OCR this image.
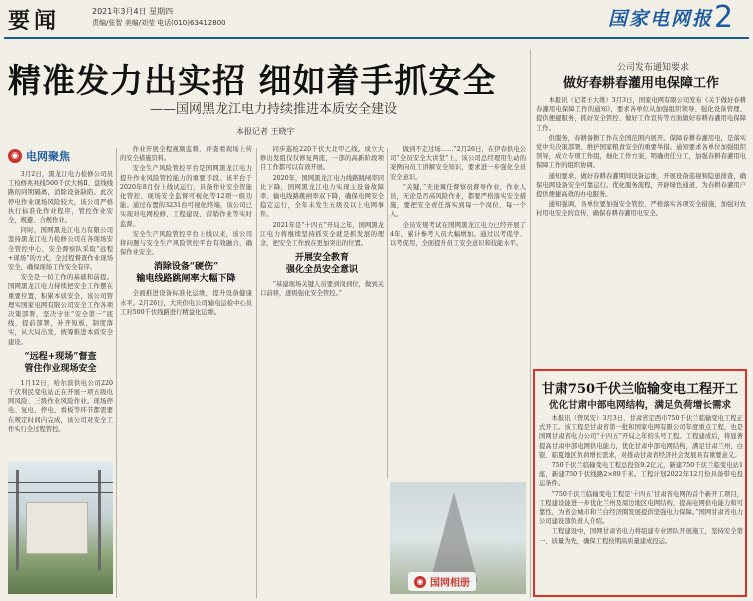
要闻	2021年3月4日 星期四
责编/张智 美编/刘莹 电话(010)63412800	国家电网报 2
精准发力出实招 细如着手抓安全
——国网黑龙江电力持续推进本质安全建设
本报记者 王晓宇
◉ 电网聚焦

3月2日，黑龙江电力检修公司员工检修兆兆线500千伏大杨Ⅱ、盘线线路的同期隔离，消除设备缺陷。此次停电作业现场风险较大，该公司严格执行标准化作业程序，管控作业安全，规避、合规作业。

同时，国网黑龙江电力有限公司坚持黑龙江电力检修公司在各现场安全管控中心，安全督察队采取“远程+现场”的方式，全过程督查作业现场安全，确保现场工作安全有序。

安全是一切工作的基础和前提。国网黑龙江电力持续把安全工作摆在重要位置，积累本质安全，该公司管理实国家电网有限公司安全工作各项决策部署，坚决守住“安全第一”底线，提前部署，补齐短板，制度落实，从大局出发，统筹推进本质安全建设。

“远程+现场”督查
管住作业现场安全

1月12日，哈尔滨供电公司220千伏利民变电站正在开展一项五级电网风险、三级作业风险作业。现场停电、复电、停电、看板等环节都需要在规定时间内完成，该公司对安全工作实行全过程管控。

作业开展全程视频监督，并查看现场上传的安全措施资料。

安全生产风险管控平台是国网黑龙江电力提升作业风险管控能力的重要手段。该平台于2020年8月份上线试运行，具备作业安全智能化管控、现场安全监督可视化等12项一级功能。通过布置的3231台可视化终端，该公司已实现对电网检修、工程建设、营销作业等实时监督。

安全生产风险管控平台上线以来，该公司将问题与安全生产风险管控平台有效融合，确保作业安全。

消除设备“硬伤”
输电线路跳闸率大幅下降

全面推进设备标准化运维，提升设备健康水平。2月26日，大庆供电公司输电运检中心员工对500千伏线路进行精益化运维。

同步巡检220千伏大北甲乙线。成立大修出发组仅仅修复两座，一部的高新阶段项目工作都可以有效开展。

2020年，国网黑龙江电力线路跳闸率同比下降，国网黑龙江电力实现主设备故障率、输电线路跳闸率双下降，确保电网安全稳定运行，全年未发生五级及以上电网事件。

2021年是“十四五”开局之年，国网黑龙江电力将继续坚持抓安全就是抓发展的理念，把安全工作放在更加突出的位置。

开展安全教育
强化全员安全意识

“基建现场关键人员要到岗到位，做到关口前移，逐级强化安全管控。”

做到不走过场……”2月26日，在伊春供电公司“全员安全大讲堂”上，该公司总经理用生动的案例向员工讲解安全知识，要求进一步强化全员安全意识。

“关键，”无论寓任督察员督导作业，作业人员，无论是否高风险作业，都要严格落实安全措施，要把安全责任落实到每一个岗位、每一个人。

全员安规考试在国网黑龙江电力已经开展了4年，累计参考人员大幅增加。通过以考促学、以考促用，全面提升员工安全意识和技能水平。

◉ 国网相册
公司发布通知要求
做好春耕春灌用电保障工作

本报讯（记者王大维）3月3日，国家电网有限公司发布《关于做好春耕春灌用电保障工作的通知》，要求各单位从加强组织领导、强化设备管理、提供便捷服务、抓好安全管控、做好工作宣传等方面做好春耕春灌用电保障工作。

供服务，春耕备耕工作在全国范围内展开。保障春耕春灌用电，是落实党中央决策部署、维护国家粮食安全的重要举措。通知要求各单位加强组织领导，成立专项工作组，细化工作方案，明确责任分工，加强春耕春灌用电保障工作的组织协调。

通知要求，做好春耕春灌期间设备运维，开展设备巡视和隐患排查，确保电网设备安全可靠运行。优化服务流程，开辟绿色通道，为春耕春灌用户提供便捷高效的办电服务。

通知强调，各单位要加强安全管控，严格落实各项安全措施，加强对农村用电安全的宣传，确保春耕春灌用电安全。

甘肃750千伏兰临输变电工程开工
优化甘肃中部电网结构，满足负荷增长需求

本报讯（曾凤安）3月3日，甘肃省定西市750千伏兰临输变电工程正式开工。该工程是甘肃省第一批和国家电网有限公司年度重点工程，也是国网甘肃省电力公司“十四五”开局之年的头号工程。工程建成后，将显著提高甘肃中部电网供电能力，优化甘肃中部电网结构，满足甘肃兰州、白银、临夏地区负荷增长需求，对推动甘肃省经济社会发展具有重要意义。

750千伏兰临输变电工程总投资9.2亿元，新建750千伏兰临变电站1座，新建750千伏线路2×89千米。工程计划2022年12月份具备带电投运条件。

“750千伏兰临输变电工程是‘十四五’甘肃省电网的首个新开工项目，工程建设能进一步优化兰州及周边地区电网结构，提高电网供电能力和可靠性，为省会城市和兰白经济圈发展提供坚强电力保障。”国网甘肃省电力公司建设部负责人介绍。

工程建设中，国网甘肃省电力将组建专业团队开展施工，坚持安全第一、质量为先，确保工程按期高质量建成投运。
